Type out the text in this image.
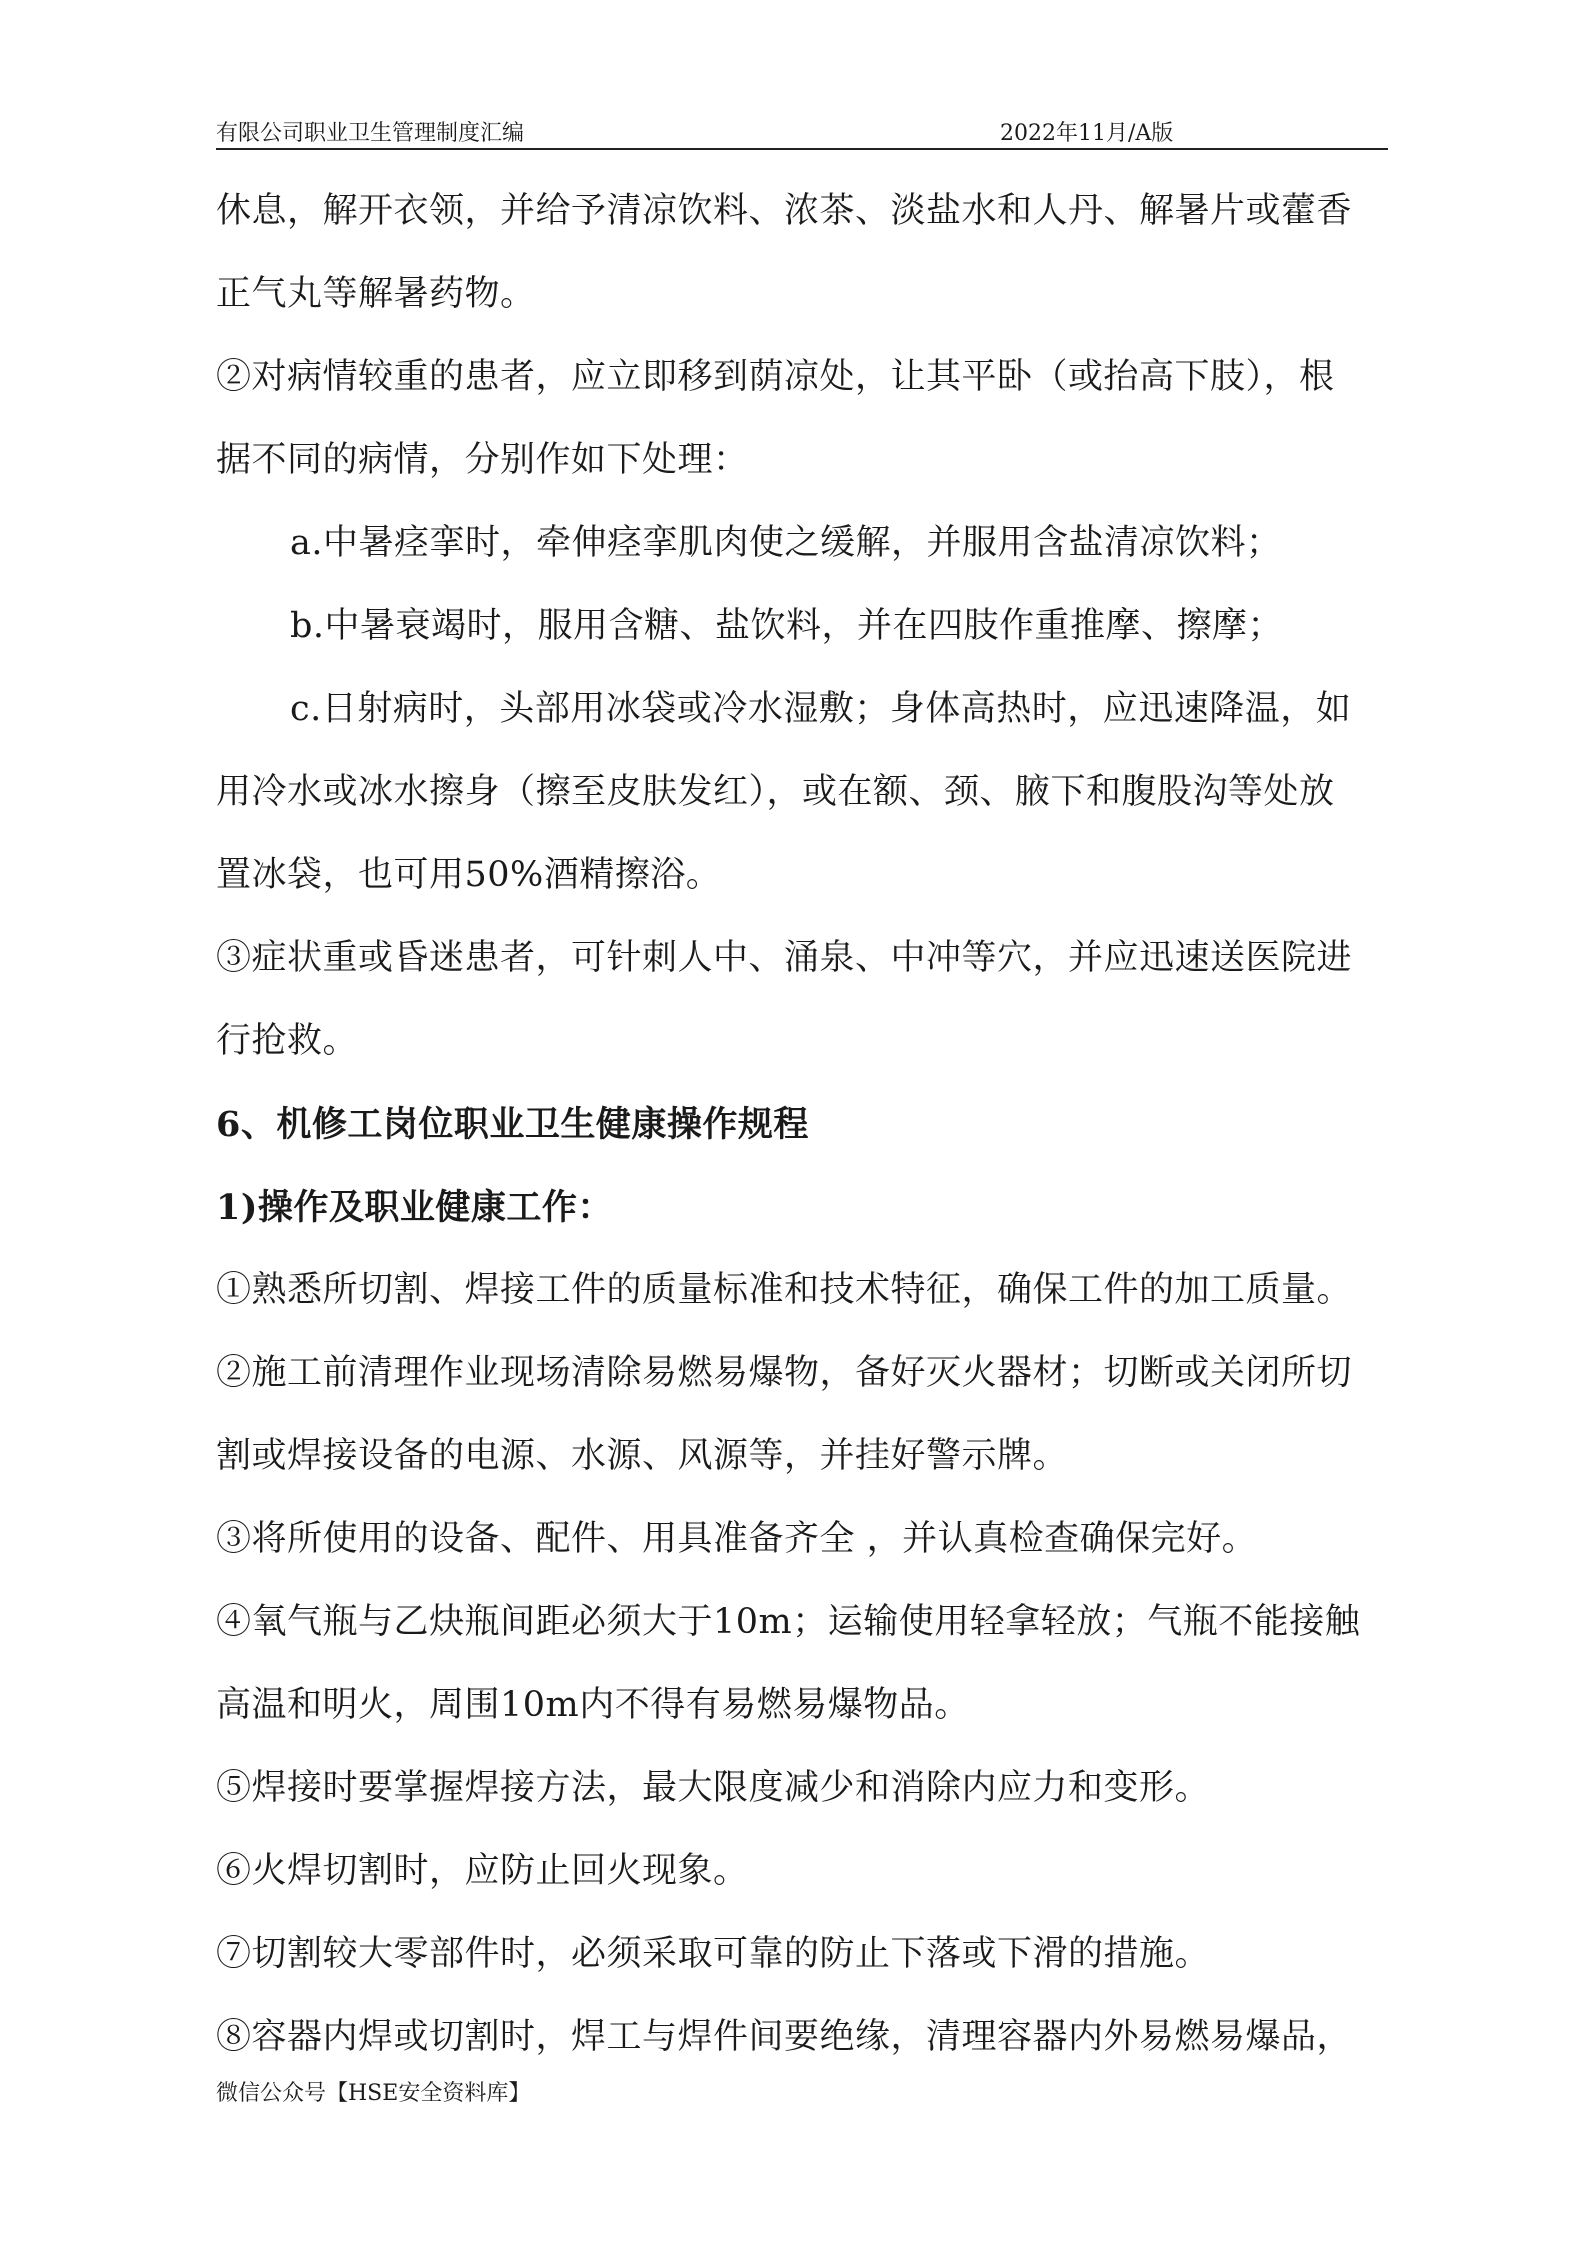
有限公司职业卫生管理制度汇编	2022年11月/A版
休息，解开衣领，并给予清凉饮料、浓茶、淡盐水和人丹、解暑片或藿香
正气丸等解暑药物。
②对病情较重的患者，应立即移到荫凉处，让其平卧（或抬高下肢），根
据不同的病情，分别作如下处理：
a.中暑痉挛时，牵伸痉挛肌肉使之缓解，并服用含盐清凉饮料；
b.中暑衰竭时，服用含糖、盐饮料，并在四肢作重推摩、擦摩；
c.日射病时，头部用冰袋或冷水湿敷；身体高热时，应迅速降温，如
用冷水或冰水擦身（擦至皮肤发红），或在额、颈、腋下和腹股沟等处放
置冰袋，也可用50%酒精擦浴。
③症状重或昏迷患者，可针刺人中、涌泉、中冲等穴，并应迅速送医院进
行抢救。
6、机修工岗位职业卫生健康操作规程
1)操作及职业健康工作：
①熟悉所切割、焊接工件的质量标准和技术特征，确保工件的加工质量。
②施工前清理作业现场清除易燃易爆物，备好灭火器材；切断或关闭所切
割或焊接设备的电源、水源、风源等，并挂好警示牌。
③将所使用的设备、配件、用具准备齐全 ，并认真检查确保完好。
④氧气瓶与乙炔瓶间距必须大于10m；运输使用轻拿轻放；气瓶不能接触
高温和明火，周围10m内不得有易燃易爆物品。
⑤焊接时要掌握焊接方法，最大限度减少和消除内应力和变形。
⑥火焊切割时，应防止回火现象。
⑦切割较大零部件时，必须采取可靠的防止下落或下滑的措施。
⑧容器内焊或切割时，焊工与焊件间要绝缘，清理容器内外易燃易爆品，
微信公众号【HSE安全资料库】
